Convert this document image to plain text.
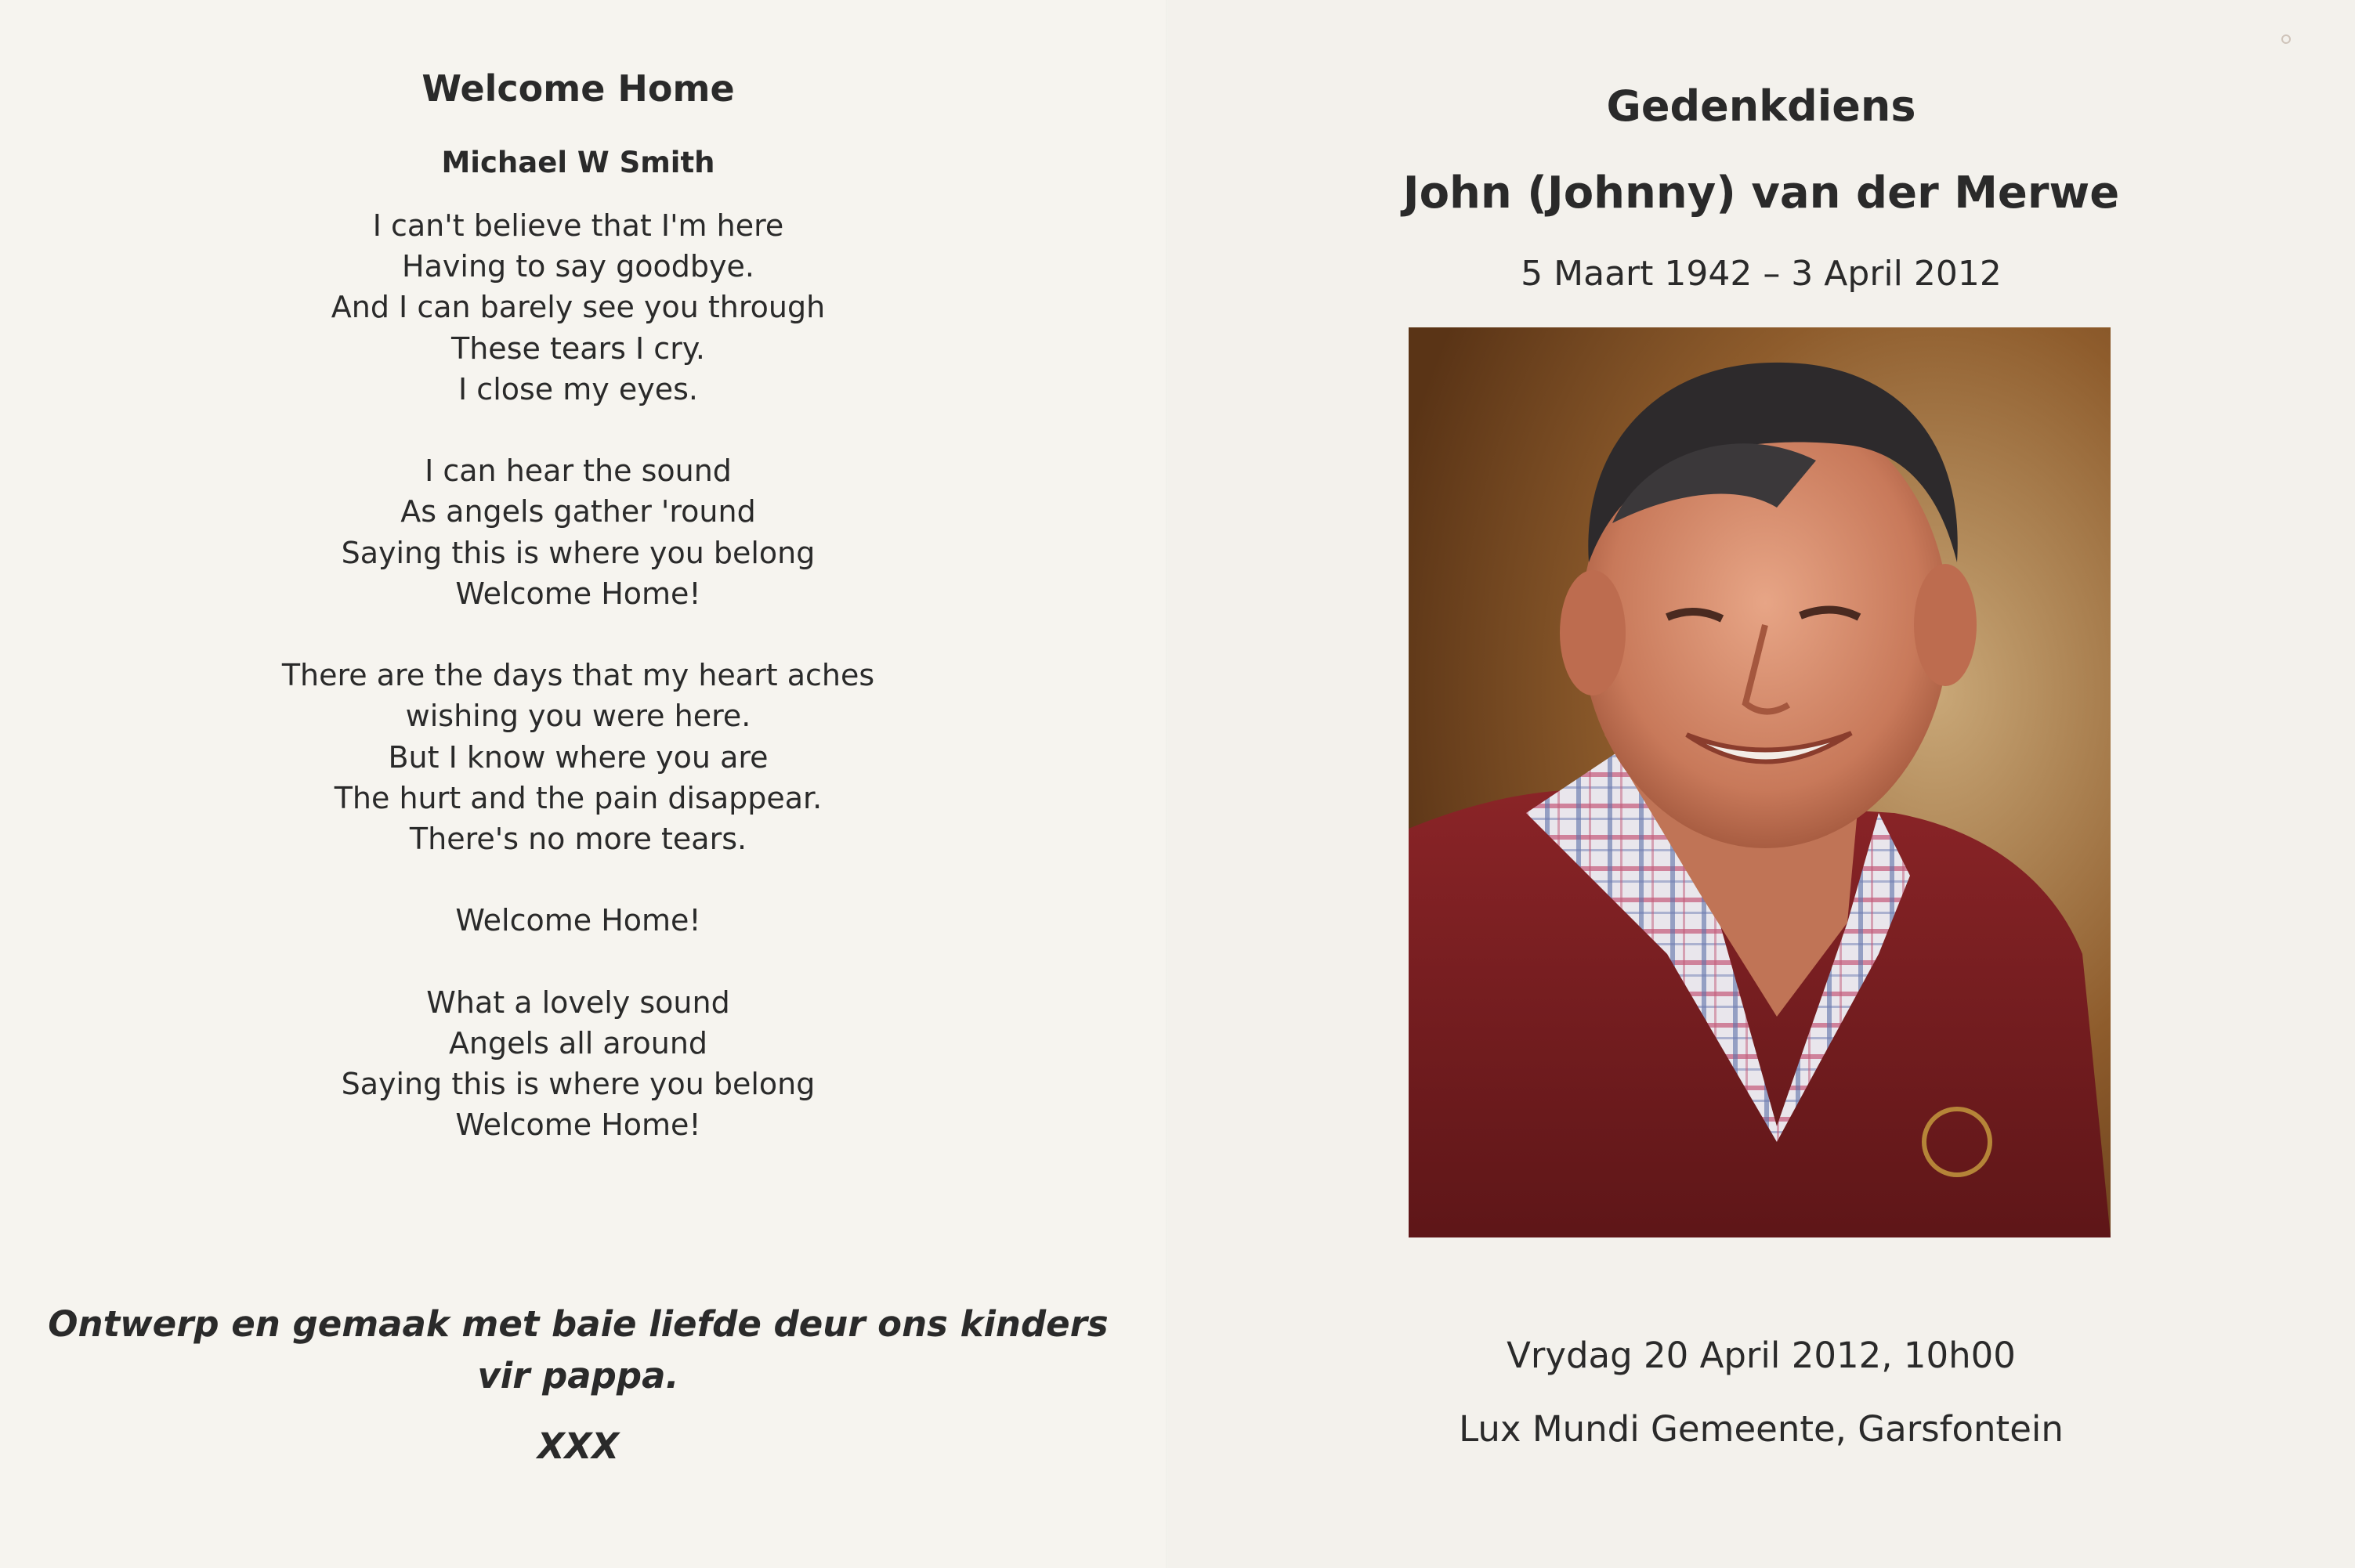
Welcome Home
Michael W Smith
I can't believe that I'm here
Having to say goodbye.
And I can barely see you through
These tears I cry.
I close my eyes.
I can hear the sound
As angels gather 'round
Saying this is where you belong
Welcome Home!
There are the days that my heart aches
wishing you were here.
But I know where you are
The hurt and the pain disappear.
There's no more tears.
Welcome Home!
What a lovely sound
Angels all around
Saying this is where you belong
Welcome Home!
Ontwerp en gemaak met baie liefde deur ons kinders
vir pappa.
XXX
Gedenkdiens
John (Johnny) van der Merwe
5 Maart 1942 – 3 April 2012
Vrydag 20 April 2012, 10h00
Lux Mundi Gemeente, Garsfontein
